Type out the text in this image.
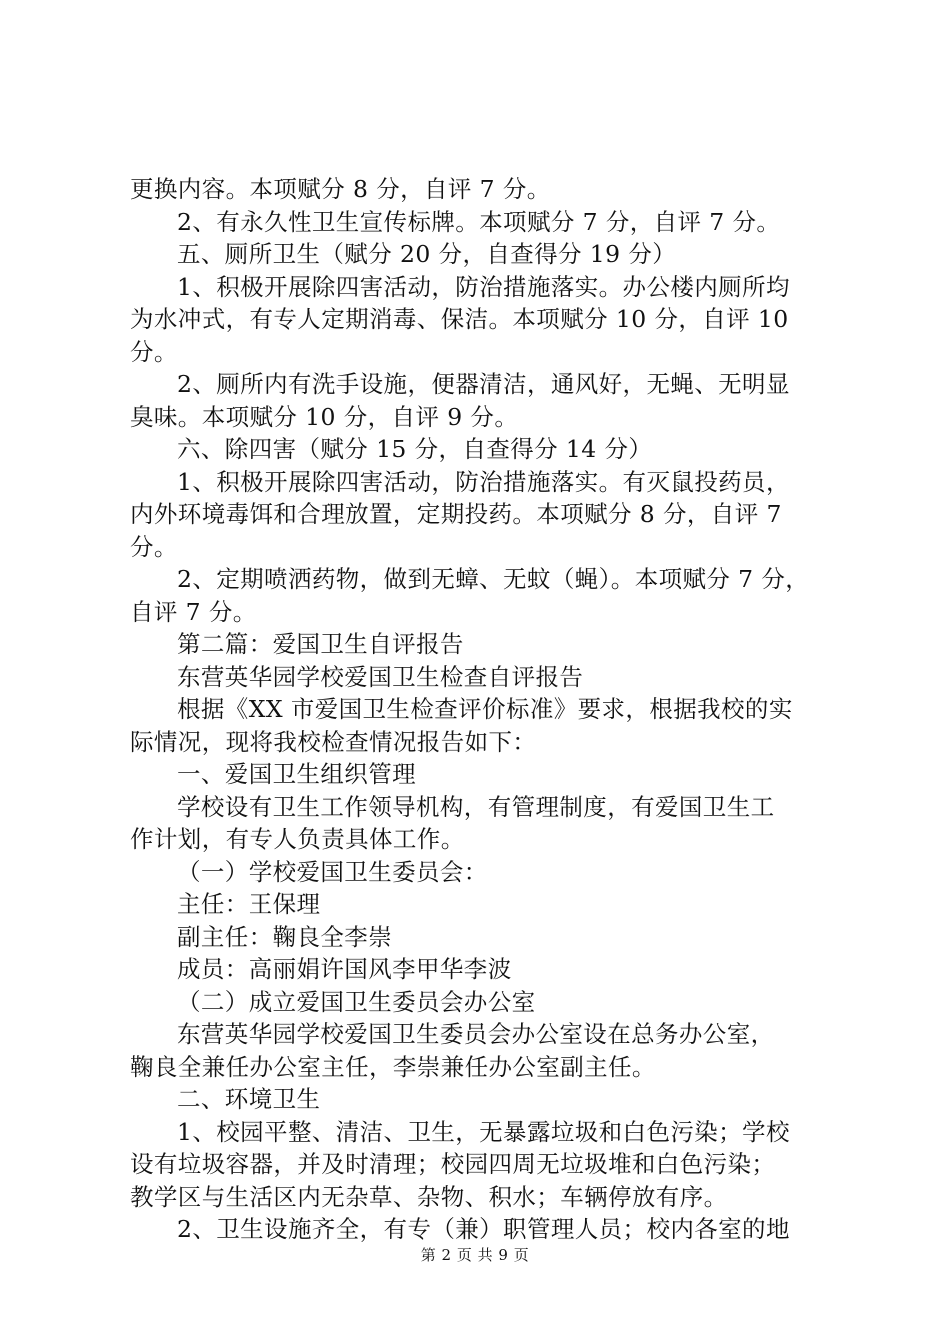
更换内容。本项赋分 8 分，自评 7 分。
2、有永久性卫生宣传标牌。本项赋分 7 分，自评 7 分。
五、厕所卫生（赋分 20 分，自查得分 19 分）
1、积极开展除四害活动，防治措施落实。办公楼内厕所均
为水冲式，有专人定期消毒、保洁。本项赋分 10 分，自评 10
分。
2、厕所内有洗手设施，便器清洁，通风好，无蝇、无明显
臭味。本项赋分 10 分，自评 9 分。
六、除四害（赋分 15 分，自查得分 14 分）
1、积极开展除四害活动，防治措施落实。有灭鼠投药员，
内外环境毒饵和合理放置，定期投药。本项赋分 8 分，自评 7
分。
2、定期喷洒药物，做到无蟑、无蚊（蝇）。本项赋分 7 分，
自评 7 分。
第二篇：爱国卫生自评报告
东营英华园学校爱国卫生检查自评报告
根据《XX 市爱国卫生检查评价标准》要求，根据我校的实
际情况，现将我校检查情况报告如下：
一、爱国卫生组织管理
学校设有卫生工作领导机构，有管理制度，有爱国卫生工
作计划，有专人负责具体工作。
（一）学校爱国卫生委员会：
主任：王保理
副主任：鞠良全李崇
成员：高丽娟许国风李甲华李波
（二）成立爱国卫生委员会办公室
东营英华园学校爱国卫生委员会办公室设在总务办公室，
鞠良全兼任办公室主任，李崇兼任办公室副主任。
二、环境卫生
1、校园平整、清洁、卫生，无暴露垃圾和白色污染；学校
设有垃圾容器，并及时清理；校园四周无垃圾堆和白色污染；
教学区与生活区内无杂草、杂物、积水；车辆停放有序。
2、卫生设施齐全，有专（兼）职管理人员；校内各室的地
第 2 页 共 9 页
